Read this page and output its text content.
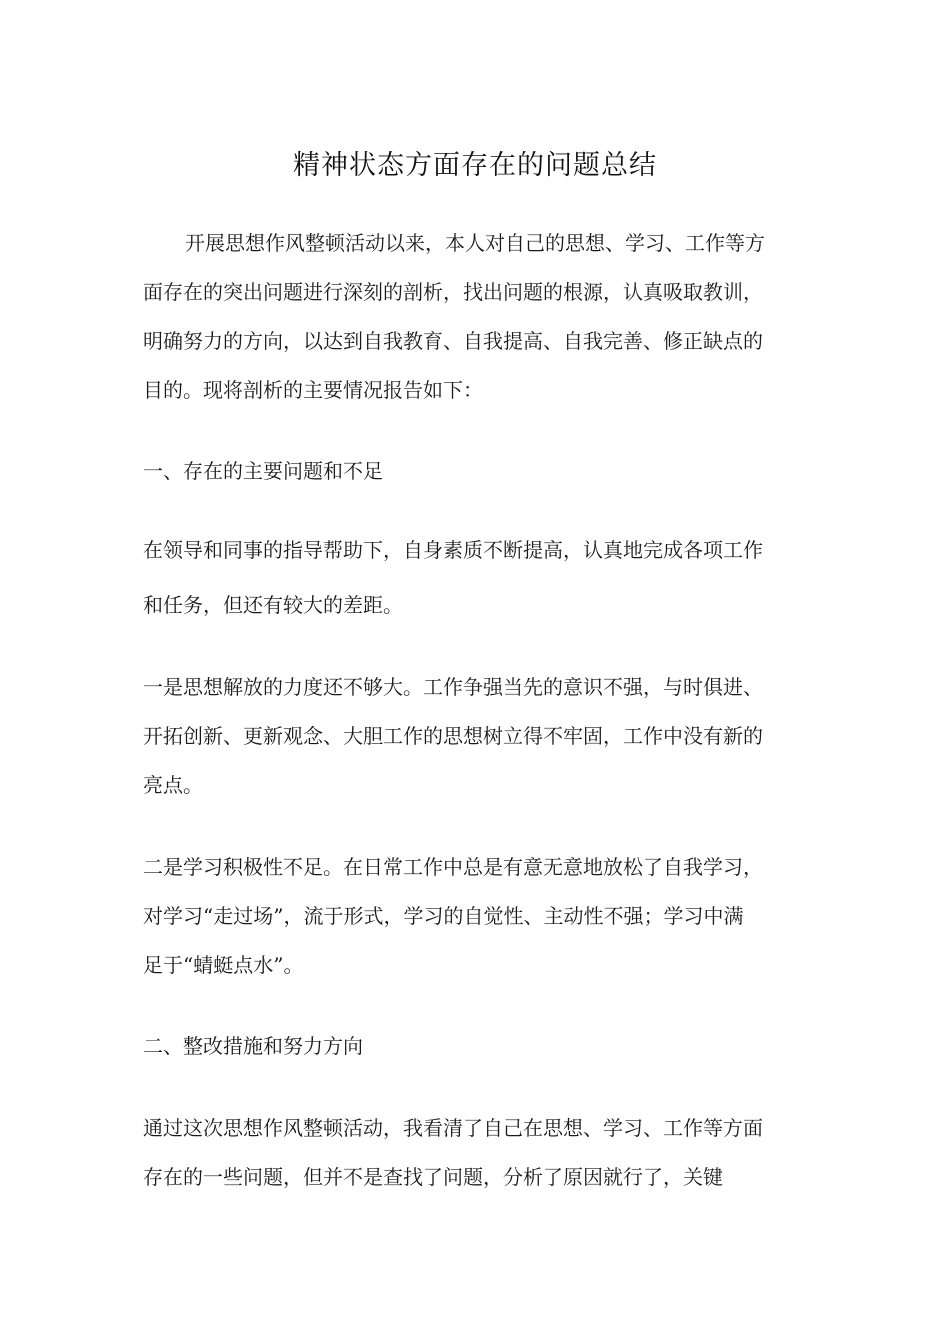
精神状态方面存在的问题总结
开展思想作风整顿活动以来，本人对自己的思想、学习、工作等方
面存在的突出问题进行深刻的剖析，找出问题的根源，认真吸取教训，
明确努力的方向，以达到自我教育、自我提高、自我完善、修正缺点的
目的。现将剖析的主要情况报告如下：
一、存在的主要问题和不足
在领导和同事的指导帮助下，自身素质不断提高，认真地完成各项工作
和任务，但还有较大的差距。
一是思想解放的力度还不够大。工作争强当先的意识不强，与时俱进、
开拓创新、更新观念、大胆工作的思想树立得不牢固，工作中没有新的
亮点。
二是学习积极性不足。在日常工作中总是有意无意地放松了自我学习，
对学习“走过场”，流于形式，学习的自觉性、主动性不强；学习中满
足于“蜻蜓点水”。
二、整改措施和努力方向
通过这次思想作风整顿活动，我看清了自己在思想、学习、工作等方面
存在的一些问题，但并不是查找了问题，分析了原因就行了，关键
